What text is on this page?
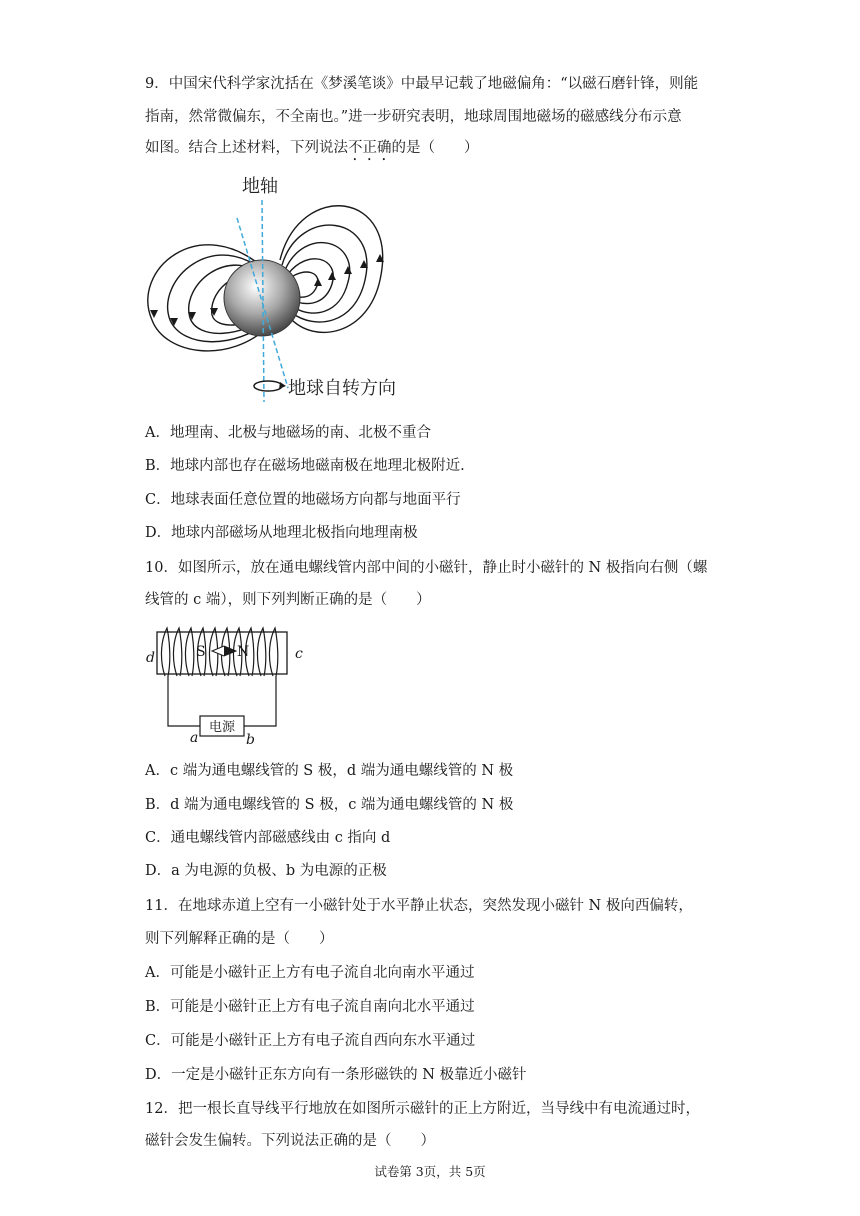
9．中国宋代科学家沈括在《梦溪笔谈》中最早记载了地磁偏角：“以磁石磨针锋，则能
指南，然常微偏东，不全南也。”进一步研究表明，地球周围地磁场的磁感线分布示意
如图。结合上述材料，下列说法不正确的是（　　）
地轴
地球自转方向
A．地理南、北极与地磁场的南、北极不重合
B．地球内部也存在磁场地磁南极在地理北极附近.
C．地球表面任意位置的地磁场方向都与地面平行
D．地球内部磁场从地理北极指向地理南极
10．如图所示，放在通电螺线管内部中间的小磁针，静止时小磁针的 N 极指向右侧（螺
线管的 c 端），则下列判断正确的是（　　）
S N
d	c
电源
a	b
A．c 端为通电螺线管的 S 极，d 端为通电螺线管的 N 极
B．d 端为通电螺线管的 S 极，c 端为通电螺线管的 N 极
C．通电螺线管内部磁感线由 c 指向 d
D．a 为电源的负极、b 为电源的正极
11．在地球赤道上空有一小磁针处于水平静止状态，突然发现小磁针 N 极向西偏转，
则下列解释正确的是（　　）
A．可能是小磁针正上方有电子流自北向南水平通过
B．可能是小磁针正上方有电子流自南向北水平通过
C．可能是小磁针正上方有电子流自西向东水平通过
D．一定是小磁针正东方向有一条形磁铁的 N 极靠近小磁针
12．把一根长直导线平行地放在如图所示磁针的正上方附近，当导线中有电流通过时，
磁针会发生偏转。下列说法正确的是（　　）
试卷第 3页，共 5页
